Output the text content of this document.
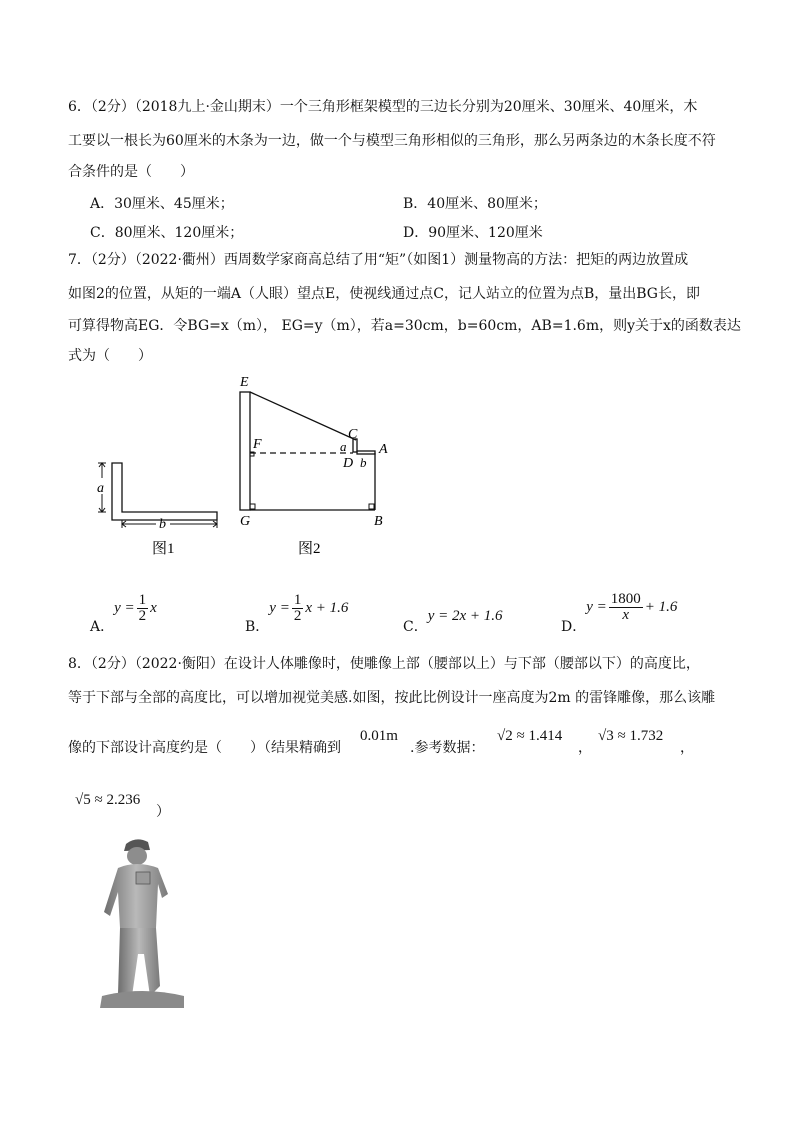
6．（2分）（2018九上·金山期末）一个三角形框架模型的三边长分别为20厘米、30厘米、40厘米，木
工要以一根长为60厘米的木条为一边，做一个与模型三角形相似的三角形，那么另两条边的木条长度不符
合条件的是（　　）
A．30厘米、45厘米；	B．40厘米、80厘米；
C．80厘米、120厘米；	D．90厘米、120厘米
7．（2分）（2022·衢州）西周数学家商高总结了用“矩”（如图1）测量物高的方法：把矩的两边放置成
如图2的位置，从矩的一端A（人眼）望点E，使视线通过点C，记人站立的位置为点B，量出BG长，即
可算得物高EG．令BG=x（m）， EG=y（m），若a=30cm，b=60cm，AB=1.6m，则y关于x的函数表达
式为（　　）
a
b
图1
E
F
C
a A
D b
G	B
图2
A．
$y = \frac{1}{2}$ x
B．
$y = \frac{1}{2}$ x + 1.6
C．
y = 2x + 1.6
D．
$y = \frac{1800}{x} + 1.6$
8．（2分）（2022·衡阳）在设计人体雕像时，使雕像上部（腰部以上）与下部（腰部以下）的高度比，
等于下部与全部的高度比，可以增加视觉美感.如图，按此比例设计一座高度为2m 的雷锋雕像，那么该雕
像的下部设计高度约是（　　）（结果精确到
0.01m
.参考数据：
√2 ≈ 1.414
，
√3 ≈ 1.732
，
√5 ≈ 2.236
）
